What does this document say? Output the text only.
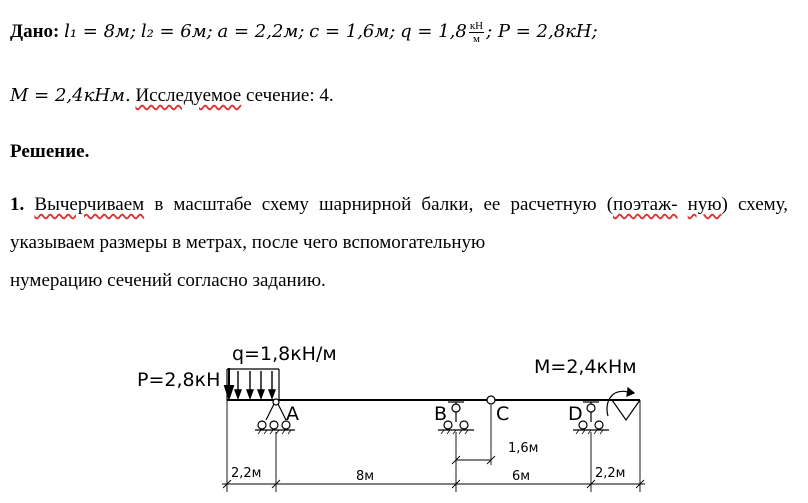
Дано: l₁ = 8м; l₂ = 6м; a = 2,2м; c = 1,6м; $q = 1,8 \frac{кН}{м}$ ; P = 2,8кН;
M = 2,4кНм. Исследуемое сечение: 4.
Решение.
1. Вычерчиваем в масштабе схему шарнирной балки, ее расчетную (поэтаж- ную) схему, указываем размеры в метрах, после чего вспомогательную
нумерацию сечений согласно заданию.
q=1,8кН/м
P=2,8кН
M=2,4кНм
A	B	C	D
1,6м
2,2м	8м	6м	2,2м
